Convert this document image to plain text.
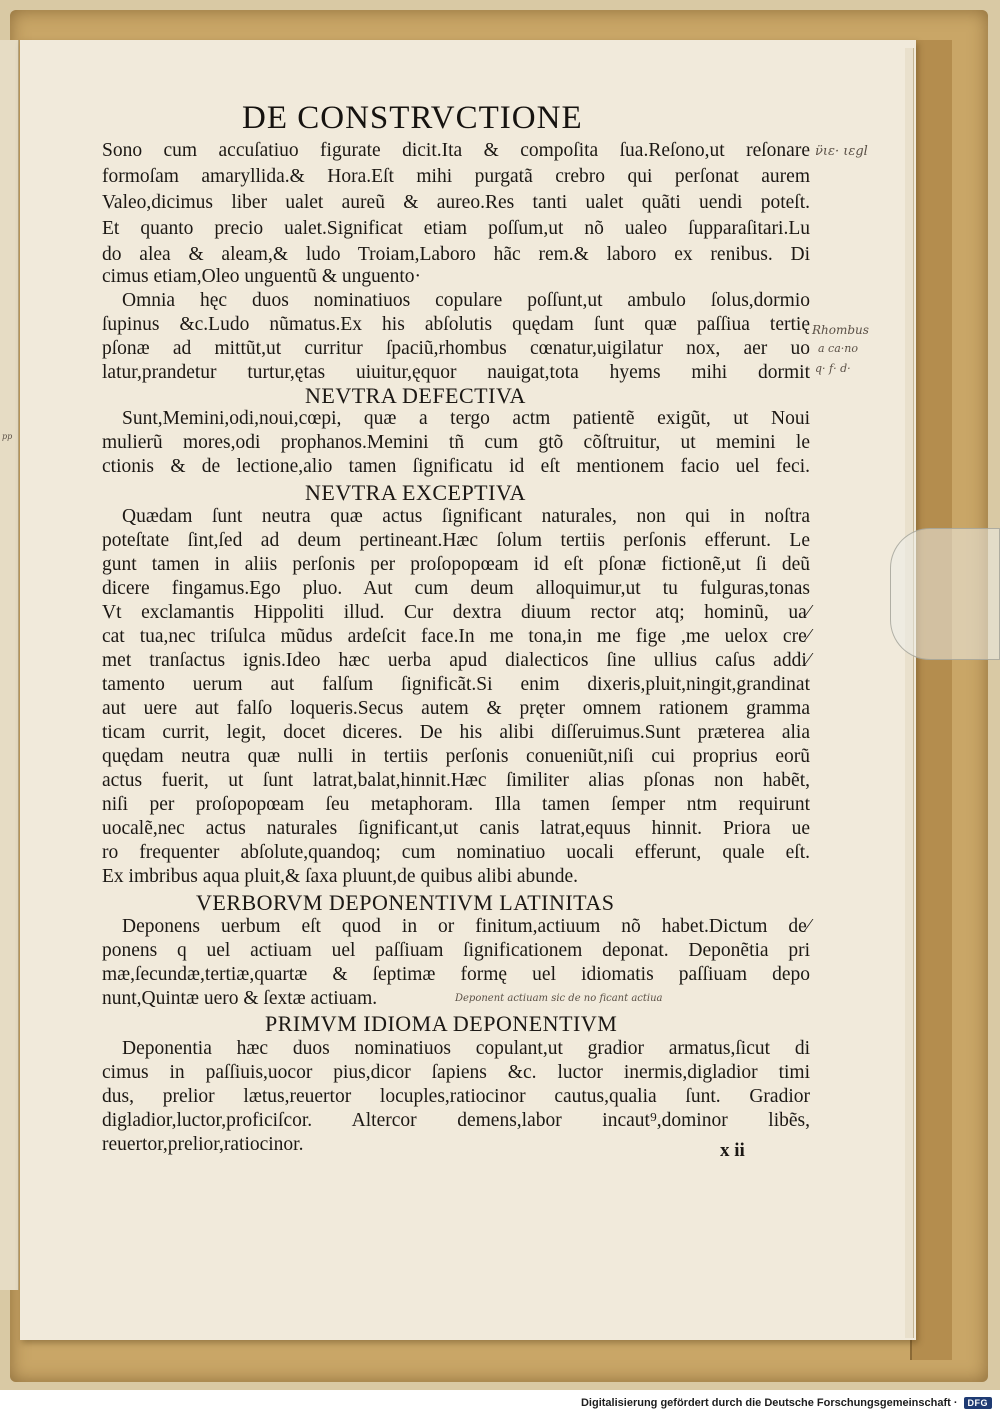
DE CONSTRVCTIONE
Sono cum accuſatiuo figurate dicit.Ita & compoſita ſua.Reſono,ut reſonare
formoſam amaryllida.& Hora.Eſt mihi purgatã crebro qui perſonat aurem
Valeo,dicimus liber ualet aureũ & aureo.Res tanti ualet quãti uendi poteſt.
Et quanto precio ualet.Significat etiam poſſum,ut nõ ualeo ſupparaſitari.Lu
do alea & aleam,& ludo Troiam,Laboro hãc rem.& laboro ex renibus. Di
cimus etiam,Oleo unguentũ & unguento·
Omnia hęc duos nominatiuos copulare poſſunt,ut ambulo ſolus,dormio
ſupinus &c.Ludo nũmatus.Ex his abſolutis quędam ſunt quæ paſſiua tertię
pſonæ ad mittũt,ut curritur ſpaciũ,rhombus cœnatur,uigilatur nox, aer uo
latur,prandetur turtur,ętas uiuitur,ęquor nauigat,tota hyems mihi dormit
NEVTRA DEFECTIVA
Sunt,Memini,odi,noui,cœpi, quæ a tergo actm patientẽ exigũt, ut Noui
mulierũ mores,odi prophanos.Memini tñ cum gtõ cõſtruitur, ut memini le
ctionis & de lectione,alio tamen ſignificatu id eſt mentionem facio uel feci.
NEVTRA EXCEPTIVA
Quædam ſunt neutra quæ actus ſignificant naturales, non qui in noſtra
poteſtate ſint,ſed ad deum pertineant.Hæc ſolum tertiis perſonis efferunt. Le
gunt tamen in aliis perſonis per proſopopœam id eſt pſonæ fictionẽ,ut ſi deũ
dicere fingamus.Ego pluo. Aut cum deum alloquimur,ut tu fulguras,tonas
Vt exclamantis Hippoliti illud. Cur dextra diuum rector atq; hominũ, ua⁄
cat tua,nec triſulca mũdus ardeſcit face.In me tona,in me fige ,me uelox cre⁄
met tranſactus ignis.Ideo hæc uerba apud dialecticos ſine ullius caſus addi⁄
tamento uerum aut falſum ſignificãt.Si enim dixeris,pluit,ningit,grandinat
aut uere aut falſo loqueris.Secus autem & pręter omnem rationem gramma
ticam currit, legit, docet diceres. De his alibi diſſeruimus.Sunt præterea alia
quędam neutra quæ nulli in tertiis perſonis conueniũt,niſi cui proprius eorũ
actus fuerit, ut ſunt latrat,balat,hinnit.Hæc ſimiliter alias pſonas non habẽt,
niſi per proſopopœam ſeu metaphoram. Illa tamen ſemper ntm requirunt
uocalẽ,nec actus naturales ſignificant,ut canis latrat,equus hinnit. Priora ue
ro frequenter abſolute,quandoq; cum nominatiuo uocali efferunt, quale eſt.
Ex imbribus aqua pluit,& ſaxa pluunt,de quibus alibi abunde.
VERBORVM DEPONENTIVM LATINITAS
Deponens uerbum eſt quod in or finitum,actiuum nõ habet.Dictum de⁄
ponens q uel actiuam uel paſſiuam ſignificationem deponat. Deponẽtia pri
mæ,ſecundæ,tertiæ,quartæ & ſeptimæ formę uel idiomatis paſſiuam depo
nunt,Quintæ uero & ſextæ actiuam.
PRIMVM IDIOMA DEPONENTIVM
Deponentia hæc duos nominatiuos copulant,ut gradior armatus,ſicut di
cimus in paſſiuis,uocor pius,dicor ſapiens &c. luctor inermis,digladior timi
dus, prelior lætus,reuertor locuples,ratiocinor cautus,qualia ſunt. Gradior
digladior,luctor,proficiſcor. Altercor demens,labor incaut⁹,dominor libẽs,
reuertor,prelior,ratiocinor.	x ii
ν̈ιε· ιεgl
Rhombus
a ca·no
q· f· d·
Deponent actiuam sic de no ficant actiua
pp
Digitalisierung gefördert durch die Deutsche Forschungsgemeinschaft ·	DFG
